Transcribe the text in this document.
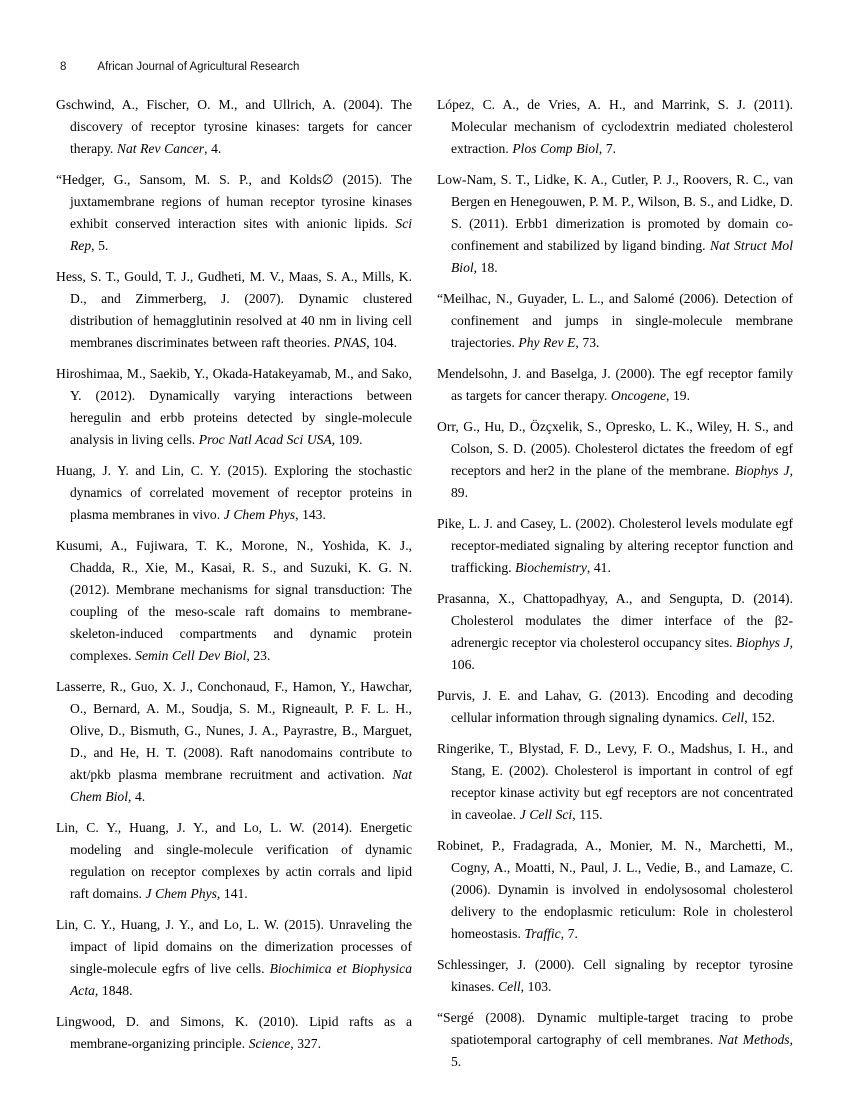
8	African Journal of Agricultural Research

Gschwind, A., Fischer, O. M., and Ullrich, A. (2004). The discovery of receptor tyrosine kinases: targets for cancer therapy. Nat Rev Cancer, 4.

“Hedger, G., Sansom, M. S. P., and Kolds∅ (2015). The juxtamembrane regions of human receptor tyrosine kinases exhibit conserved interaction sites with anionic lipids. Sci Rep, 5.

Hess, S. T., Gould, T. J., Gudheti, M. V., Maas, S. A., Mills, K. D., and Zimmerberg, J. (2007). Dynamic clustered distribution of hemagglutinin resolved at 40 nm in living cell membranes discriminates between raft theories. PNAS, 104.

Hiroshimaa, M., Saekib, Y., Okada-Hatakeyamab, M., and Sako, Y. (2012). Dynamically varying interactions between heregulin and erbb proteins detected by single-molecule analysis in living cells. Proc Natl Acad Sci USA, 109.

Huang, J. Y. and Lin, C. Y. (2015). Exploring the stochastic dynamics of correlated movement of receptor proteins in plasma membranes in vivo. J Chem Phys, 143.

Kusumi, A., Fujiwara, T. K., Morone, N., Yoshida, K. J., Chadda, R., Xie, M., Kasai, R. S., and Suzuki, K. G. N. (2012). Membrane mechanisms for signal transduction: The coupling of the meso-scale raft domains to membrane-skeleton-induced compartments and dynamic protein complexes. Semin Cell Dev Biol, 23.

Lasserre, R., Guo, X. J., Conchonaud, F., Hamon, Y., Hawchar, O., Bernard, A. M., Soudja, S. M., Rigneault, P. F. L. H., Olive, D., Bismuth, G., Nunes, J. A., Payrastre, B., Marguet, D., and He, H. T. (2008). Raft nanodomains contribute to akt/pkb plasma membrane recruitment and activation. Nat Chem Biol, 4.

Lin, C. Y., Huang, J. Y., and Lo, L. W. (2014). Energetic modeling and single-molecule verification of dynamic regulation on receptor complexes by actin corrals and lipid raft domains. J Chem Phys, 141.

Lin, C. Y., Huang, J. Y., and Lo, L. W. (2015). Unraveling the impact of lipid domains on the dimerization processes of single-molecule egfrs of live cells. Biochimica et Biophysica Acta, 1848.

Lingwood, D. and Simons, K. (2010). Lipid rafts as a membrane-organizing principle. Science, 327.

López, C. A., de Vries, A. H., and Marrink, S. J. (2011). Molecular mechanism of cyclodextrin mediated cholesterol extraction. Plos Comp Biol, 7.

Low-Nam, S. T., Lidke, K. A., Cutler, P. J., Roovers, R. C., van Bergen en Henegouwen, P. M. P., Wilson, B. S., and Lidke, D. S. (2011). Erbb1 dimerization is promoted by domain co-confinement and stabilized by ligand binding. Nat Struct Mol Biol, 18.

“Meilhac, N., Guyader, L. L., and Salomé (2006). Detection of confinement and jumps in single-molecule membrane trajectories. Phy Rev E, 73.

Mendelsohn, J. and Baselga, J. (2000). The egf receptor family as targets for cancer therapy. Oncogene, 19.

Orr, G., Hu, D., Özçxelik, S., Opresko, L. K., Wiley, H. S., and Colson, S. D. (2005). Cholesterol dictates the freedom of egf receptors and her2 in the plane of the membrane. Biophys J, 89.

Pike, L. J. and Casey, L. (2002). Cholesterol levels modulate egf receptor-mediated signaling by altering receptor function and trafficking. Biochemistry, 41.

Prasanna, X., Chattopadhyay, A., and Sengupta, D. (2014). Cholesterol modulates the dimer interface of the β2-adrenergic receptor via cholesterol occupancy sites. Biophys J, 106.

Purvis, J. E. and Lahav, G. (2013). Encoding and decoding cellular information through signaling dynamics. Cell, 152.

Ringerike, T., Blystad, F. D., Levy, F. O., Madshus, I. H., and Stang, E. (2002). Cholesterol is important in control of egf receptor kinase activity but egf receptors are not concentrated in caveolae. J Cell Sci, 115.

Robinet, P., Fradagrada, A., Monier, M. N., Marchetti, M., Cogny, A., Moatti, N., Paul, J. L., Vedie, B., and Lamaze, C. (2006). Dynamin is involved in endolysosomal cholesterol delivery to the endoplasmic reticulum: Role in cholesterol homeostasis. Traffic, 7.

Schlessinger, J. (2000). Cell signaling by receptor tyrosine kinases. Cell, 103.

“Sergé (2008). Dynamic multiple-target tracing to probe spatiotemporal cartography of cell membranes. Nat Methods, 5.
